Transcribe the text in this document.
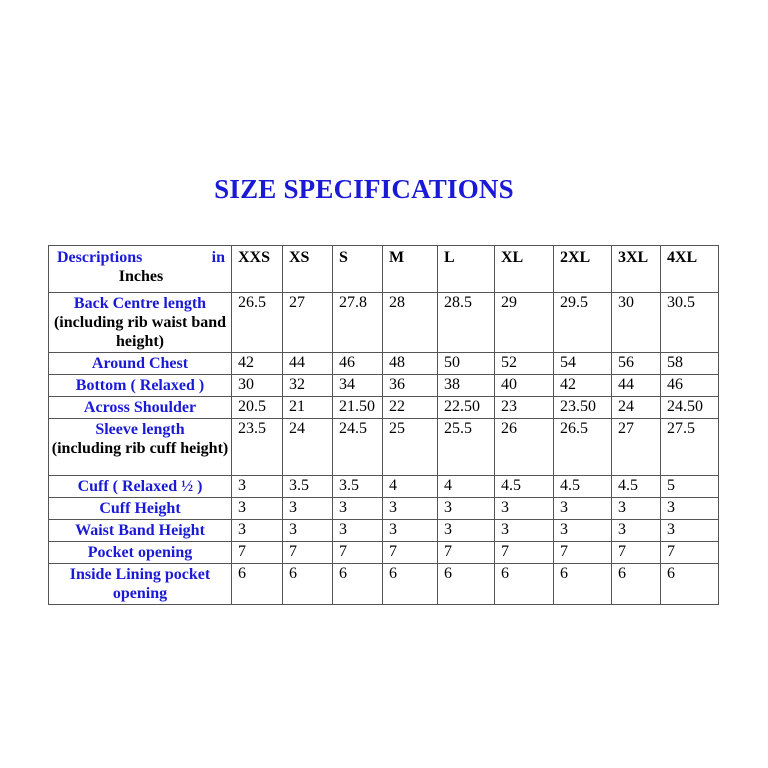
SIZE SPECIFICATIONS
Descriptions in
Inches	XXS	XS	S	M	L	XL	2XL	3XL	4XL

Back Centre length
(including rib waist band height)	26.5	27	27.8	28	28.5	29	29.5	30	30.5

Around Chest	42	44	46	48	50	52	54	56	58

Bottom ( Relaxed )	30	32	34	36	38	40	42	44	46

Across Shoulder	20.5	21	21.50	22	22.50	23	23.50	24	24.50

Sleeve length
(including rib cuff height)	23.5	24	24.5	25	25.5	26	26.5	27	27.5

Cuff ( Relaxed ½ )	3	3.5	3.5	4	4	4.5	4.5	4.5	5

Cuff Height	3	3	3	3	3	3	3	3	3

Waist Band Height	3	3	3	3	3	3	3	3	3

Pocket opening	7	7	7	7	7	7	7	7	7

Inside Lining pocket opening	6	6	6	6	6	6	6	6	6
